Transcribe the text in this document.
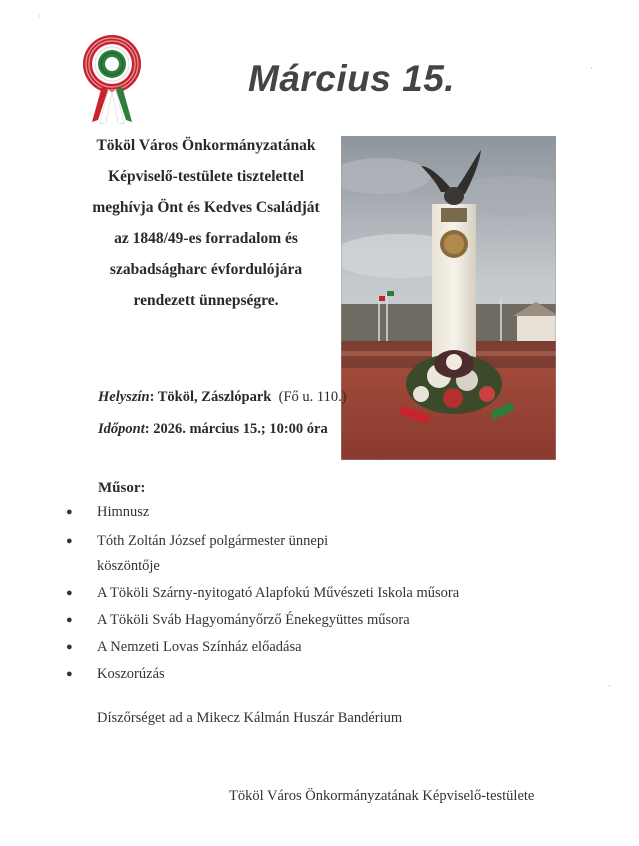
Március 15.
Tököl Város Önkormányzatának
Képviselő-testülete tisztelettel
meghívja Önt és Kedves Családját
az 1848/49-es forradalom és
szabadságharc évfordulójára
rendezett ünnepségre.
Helyszín: Tököl, Zászlópark (Fő u. 110.)
Időpont: 2026. március 15.; 10:00 óra
Műsor:
● Himnusz
● Tóth Zoltán József polgármester ünnepi
köszöntője
● A Tököli Szárny-nyitogató Alapfokú Művészeti Iskola műsora
● A Tököli Sváb Hagyományőrző Énekegyüttes műsora
● A Nemzeti Lovas Színház előadása
● Koszorúzás
Díszőrséget ad a Mikecz Kálmán Huszár Bandérium
Tököl Város Önkormányzatának Képviselő-testülete
·
·
·
